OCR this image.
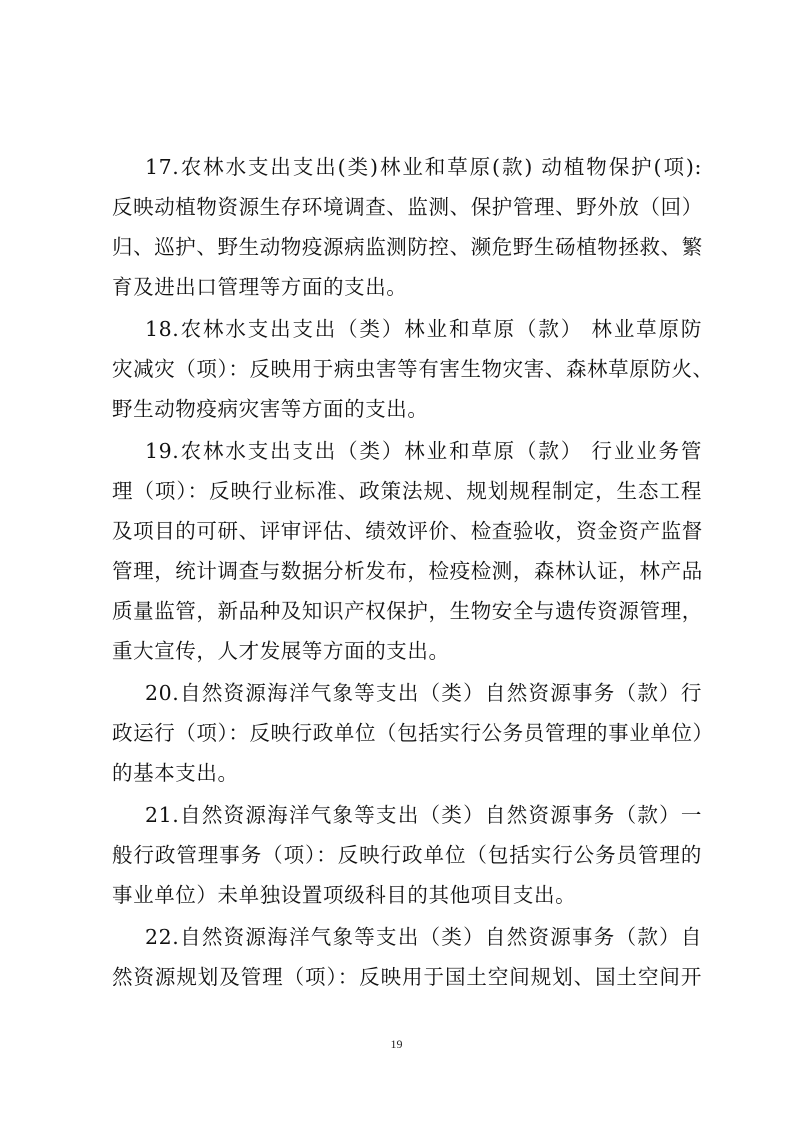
17.农林水支出支出(类)林业和草原(款) 动植物保护(项):
反映动植物资源生存环境调查、监测、保护管理、野外放（回）
归、巡护、野生动物疫源病监测防控、濒危野生砀植物拯救、繁
育及进出口管理等方面的支出。
18.农林水支出支出（类）林业和草原（款） 林业草原防
灾减灾（项）：反映用于病虫害等有害生物灾害、森林草原防火、
野生动物疫病灾害等方面的支出。
19.农林水支出支出（类）林业和草原（款） 行业业务管
理（项）：反映行业标准、政策法规、规划规程制定，生态工程
及项目的可研、评审评估、绩效评价、检查验收，资金资产监督
管理，统计调查与数据分析发布，检疫检测，森林认证，林产品
质量监管，新品种及知识产权保护，生物安全与遗传资源管理，
重大宣传，人才发展等方面的支出。
20.自然资源海洋气象等支出（类）自然资源事务（款）行
政运行（项）：反映行政单位（包括实行公务员管理的事业单位）
的基本支出。
21.自然资源海洋气象等支出（类）自然资源事务（款）一
般行政管理事务（项）：反映行政单位（包括实行公务员管理的
事业单位）未单独设置项级科目的其他项目支出。
22.自然资源海洋气象等支出（类）自然资源事务（款）自
然资源规划及管理（项）：反映用于国土空间规划、国土空间开
19
